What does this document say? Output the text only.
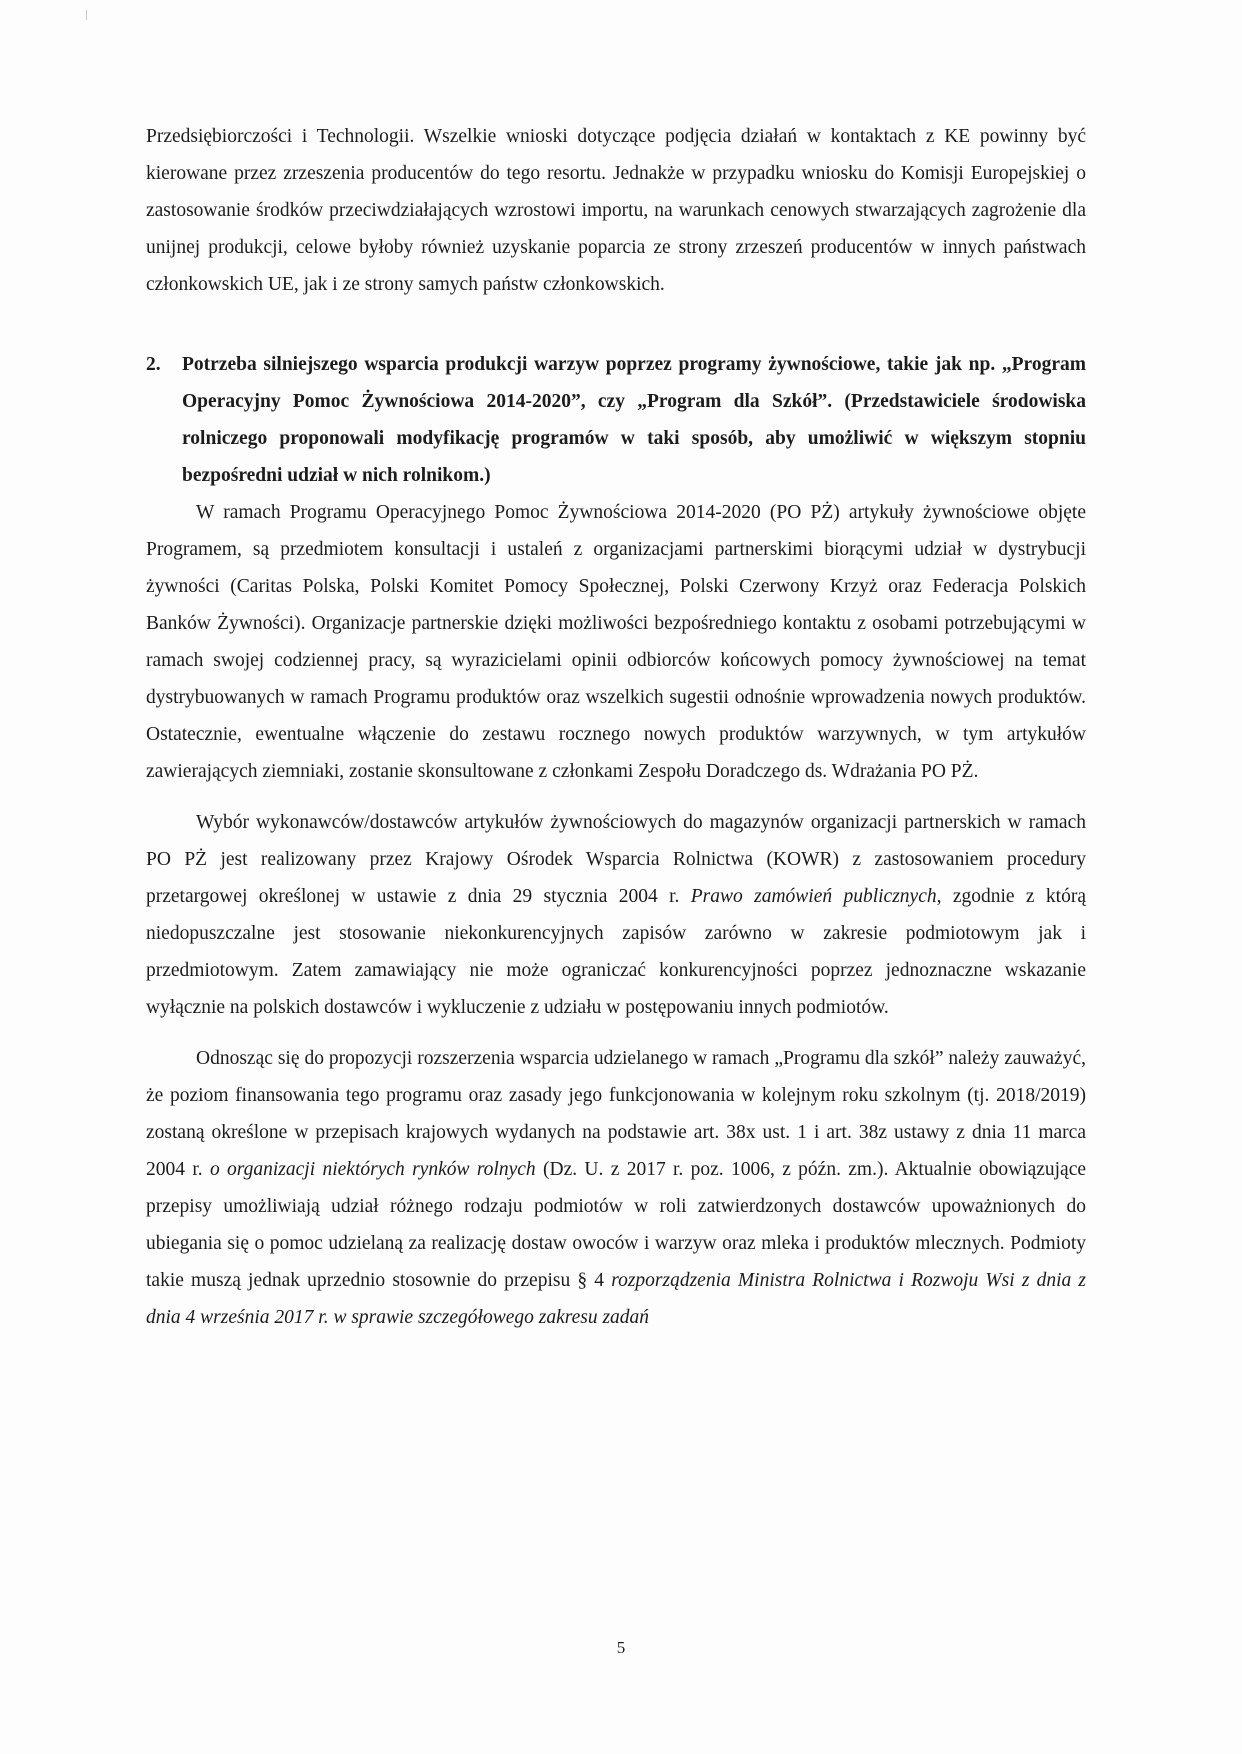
Przedsiębiorczości i Technologii. Wszelkie wnioski dotyczące podjęcia działań w kontaktach z KE powinny być kierowane przez zrzeszenia producentów do tego resortu. Jednakże w przypadku wniosku do Komisji Europejskiej o zastosowanie środków przeciwdziałających wzrostowi importu, na warunkach cenowych stwarzających zagrożenie dla unijnej produkcji, celowe byłoby również uzyskanie poparcia ze strony zrzeszeń producentów w innych państwach członkowskich UE, jak i ze strony samych państw członkowskich.

2.	Potrzeba silniejszego wsparcia produkcji warzyw poprzez programy żywnościowe, takie jak np. „Program Operacyjny Pomoc Żywnościowa 2014-2020”, czy „Program dla Szkół”. (Przedstawiciele środowiska rolniczego proponowali modyfikację programów w taki sposób, aby umożliwić w większym stopniu bezpośredni udział w nich rolnikom.)

W ramach Programu Operacyjnego Pomoc Żywnościowa 2014-2020 (PO PŻ) artykuły żywnościowe objęte Programem, są przedmiotem konsultacji i ustaleń z organizacjami partnerskimi biorącymi udział w dystrybucji żywności (Caritas Polska, Polski Komitet Pomocy Społecznej, Polski Czerwony Krzyż oraz Federacja Polskich Banków Żywności). Organizacje partnerskie dzięki możliwości bezpośredniego kontaktu z osobami potrzebującymi w ramach swojej codziennej pracy, są wyrazicielami opinii odbiorców końcowych pomocy żywnościowej na temat dystrybuowanych w ramach Programu produktów oraz wszelkich sugestii odnośnie wprowadzenia nowych produktów. Ostatecznie, ewentualne włączenie do zestawu rocznego nowych produktów warzywnych, w tym artykułów zawierających ziemniaki, zostanie skonsultowane z członkami Zespołu Doradczego ds. Wdrażania PO PŻ.

Wybór wykonawców/dostawców artykułów żywnościowych do magazynów organizacji partnerskich w ramach PO PŻ jest realizowany przez Krajowy Ośrodek Wsparcia Rolnictwa (KOWR) z zastosowaniem procedury przetargowej określonej w ustawie z dnia 29 stycznia 2004 r. Prawo zamówień publicznych, zgodnie z którą niedopuszczalne jest stosowanie niekonkurencyjnych zapisów zarówno w zakresie podmiotowym jak i przedmiotowym. Zatem zamawiający nie może ograniczać konkurencyjności poprzez jednoznaczne wskazanie wyłącznie na polskich dostawców i wykluczenie z udziału w postępowaniu innych podmiotów.

Odnosząc się do propozycji rozszerzenia wsparcia udzielanego w ramach „Programu dla szkół” należy zauważyć, że poziom finansowania tego programu oraz zasady jego funkcjonowania w kolejnym roku szkolnym (tj. 2018/2019) zostaną określone w przepisach krajowych wydanych na podstawie art. 38x ust. 1 i art. 38z ustawy z dnia 11 marca 2004 r. o organizacji niektórych rynków rolnych (Dz. U. z 2017 r. poz. 1006, z późn. zm.). Aktualnie obowiązujące przepisy umożliwiają udział różnego rodzaju podmiotów w roli zatwierdzonych dostawców upoważnionych do ubiegania się o pomoc udzielaną za realizację dostaw owoców i warzyw oraz mleka i produktów mlecznych. Podmioty takie muszą jednak uprzednio stosownie do przepisu § 4 rozporządzenia Ministra Rolnictwa i Rozwoju Wsi z dnia z dnia 4 września 2017 r. w sprawie szczegółowego zakresu zadań

5
